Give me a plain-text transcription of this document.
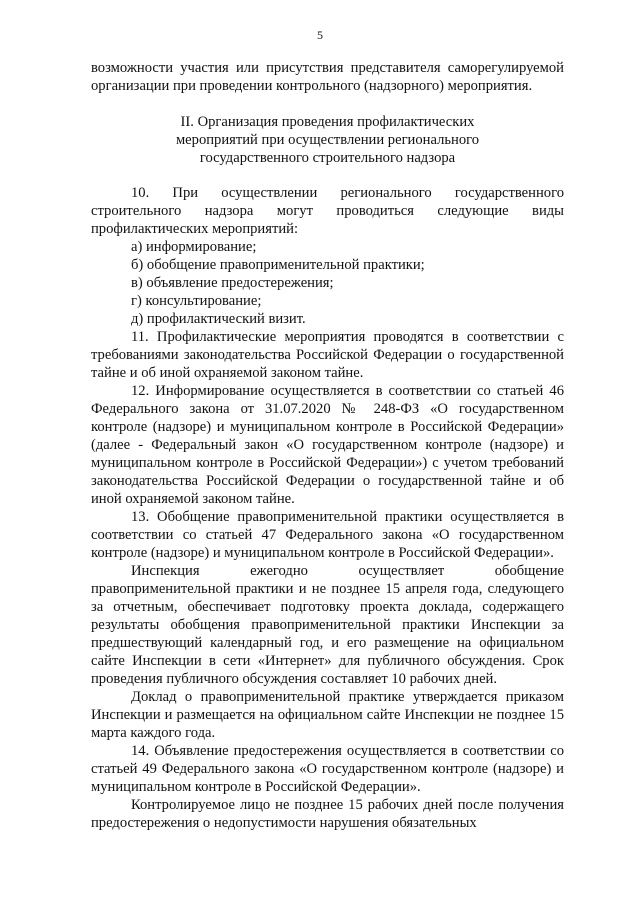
5

возможности участия или присутствия представителя саморегулируемой организации при проведении контрольного (надзорного) мероприятия.

II. Организация проведения профилактических
мероприятий при осуществлении регионального
государственного строительного надзора

10. При осуществлении регионального государственного строительного надзора могут проводиться следующие виды профилактических мероприятий:

а) информирование;

б) обобщение правоприменительной практики;

в) объявление предостережения;

г) консультирование;

д) профилактический визит.

11. Профилактические мероприятия проводятся в соответствии с требованиями законодательства Российской Федерации о государственной тайне и об иной охраняемой законом тайне.

12. Информирование осуществляется в соответствии со статьей 46 Федерального закона от 31.07.2020 № 248-ФЗ «О государственном контроле (надзоре) и муниципальном контроле в Российской Федерации» (далее - Федеральный закон «О государственном контроле (надзоре) и муниципальном контроле в Российской Федерации») с учетом требований законодательства Российской Федерации о государственной тайне и об иной охраняемой законом тайне.

13. Обобщение правоприменительной практики осуществляется в соответствии со статьей 47 Федерального закона «О государственном контроле (надзоре) и муниципальном контроле в Российской Федерации».

Инспекция ежегодно осуществляет обобщение правоприменительной практики и не позднее 15 апреля года, следующего за отчетным, обеспечивает подготовку проекта доклада, содержащего результаты обобщения правоприменительной практики Инспекции за предшествующий календарный год, и его размещение на официальном сайте Инспекции в сети «Интернет» для публичного обсуждения. Срок проведения публичного обсуждения составляет 10 рабочих дней.

Доклад о правоприменительной практике утверждается приказом Инспекции и размещается на официальном сайте Инспекции не позднее 15 марта каждого года.

14. Объявление предостережения осуществляется в соответствии со статьей 49 Федерального закона «О государственном контроле (надзоре) и муниципальном контроле в Российской Федерации».

Контролируемое лицо не позднее 15 рабочих дней после получения предостережения о недопустимости нарушения обязательных
